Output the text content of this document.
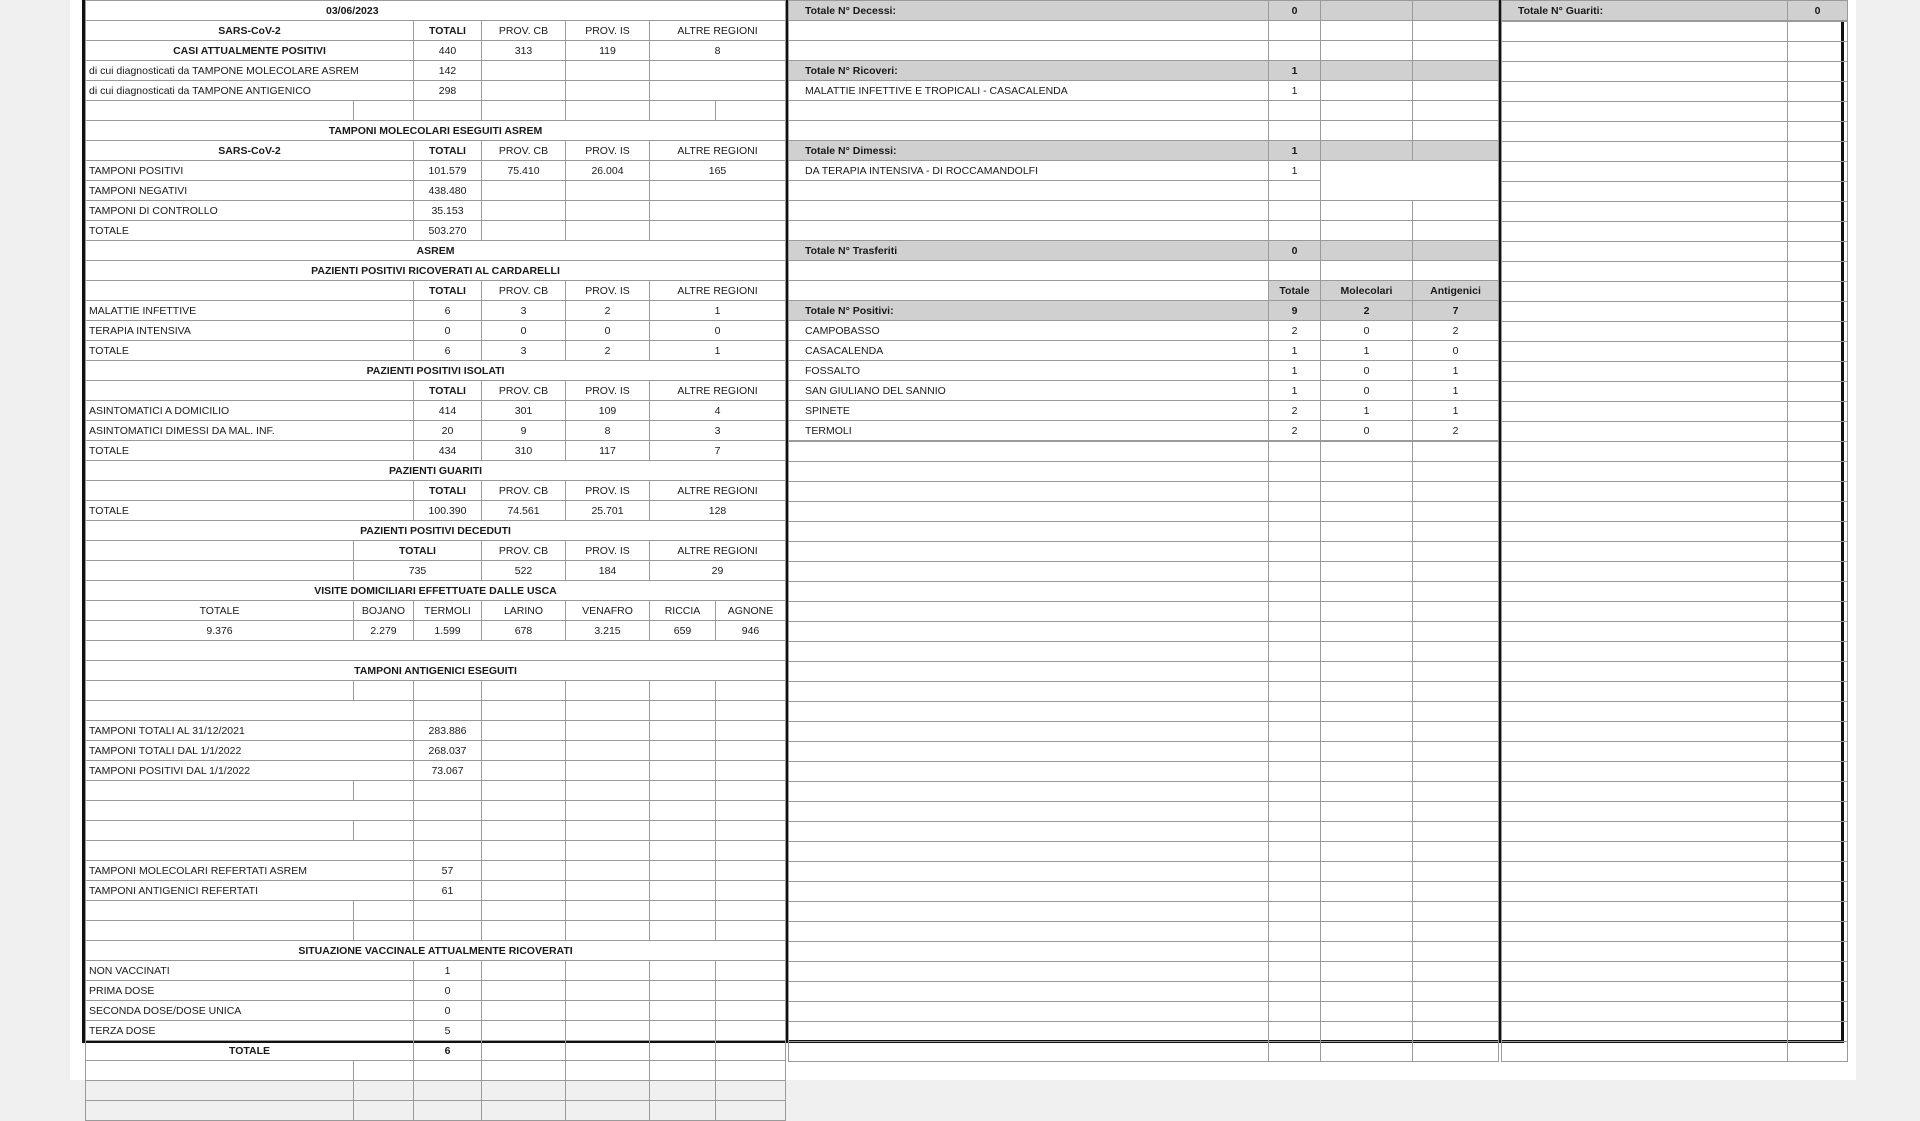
03/06/2023						
SARS-CoV-2		TOTALI	PROV. CB	PROV. IS	ALTRE REGIONI	
CASI ATTUALMENTE POSITIVI		440	313	119	8	
di cui diagnosticati da TAMPONE MOLECOLARE ASREM		142				
di cui diagnosticati da TAMPONE ANTIGENICO		298				

TAMPONI MOLECOLARI ESEGUITI ASREM						
SARS-CoV-2		TOTALI	PROV. CB	PROV. IS	ALTRE REGIONI	
TAMPONI POSITIVI		101.579	75.410	26.004	165	
TAMPONI NEGATIVI		438.480				
TAMPONI DI CONTROLLO		35.153				
TOTALE		503.270				
ASREM						
PAZIENTI POSITIVI RICOVERATI AL CARDARELLI						
		TOTALI	PROV. CB	PROV. IS	ALTRE REGIONI	
MALATTIE INFETTIVE		6	3	2	1	
TERAPIA INTENSIVA		0	0	0	0	
TOTALE		6	3	2	1	
PAZIENTI POSITIVI ISOLATI						
		TOTALI	PROV. CB	PROV. IS	ALTRE REGIONI	
ASINTOMATICI A DOMICILIO		414	301	109	4	
ASINTOMATICI DIMESSI DA MAL. INF.		20	9	8	3	
TOTALE		434	310	117	7	
PAZIENTI GUARITI						
		TOTALI	PROV. CB	PROV. IS	ALTRE REGIONI	
TOTALE		100.390	74.561	25.701	128	
PAZIENTI POSITIVI DECEDUTI						
	TOTALI		PROV. CB	PROV. IS	ALTRE REGIONI	
	735		522	184	29	
VISITE DOMICILIARI EFFETTUATE DALLE USCA						
TOTALE	BOJANO	TERMOLI	LARINO	VENAFRO	RICCIA	AGNONE
9.376	2.279	1.599	678	3.215	659	946

TAMPONI ANTIGENICI ESEGUITI						

TAMPONI TOTALI AL 31/12/2021		283.886				
TAMPONI TOTALI DAL 1/1/2022		268.037				
TAMPONI POSITIVI DAL 1/1/2022		73.067				

TAMPONI MOLECOLARI REFERTATI ASREM		57				
TAMPONI ANTIGENICI REFERTATI		61				

SITUAZIONE VACCINALE ATTUALMENTE RICOVERATI						
NON VACCINATI		1				
PRIMA DOSE		0				
SECONDA DOSE/DOSE UNICA		0				
TERZA DOSE		5				
TOTALE		6				

Totale N° Decessi:	0		

Totale N° Ricoveri:	1		
MALATTIE INFETTIVE E TROPICALI - CASACALENDA	1		

Totale N° Dimessi:	1		
DA TERAPIA INTENSIVA - DI ROCCAMANDOLFI	1		

Totale N° Trasferiti	0		

	Totale	Molecolari	Antigenici
Totale N° Positivi:	9	2	7
CAMPOBASSO	2	0	2
CASACALENDA	1	1	0
FOSSALTO	1	0	1
SAN GIULIANO DEL SANNIO	1	0	1
SPINETE	2	1	1
TERMOLI	2	0	2

Totale N° Guariti:	0
